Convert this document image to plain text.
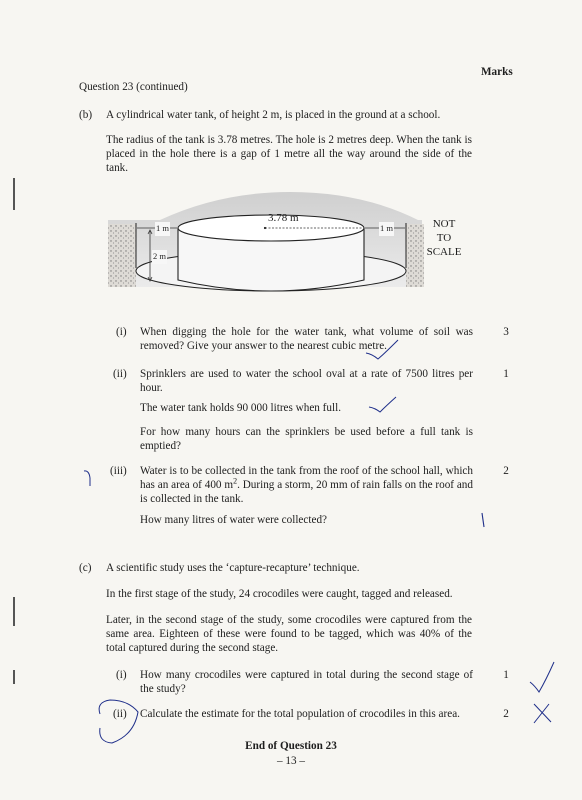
Marks
Question 23 (continued)
(b) A cylindrical water tank, of height 2 m, is placed in the ground at a school.

The radius of the tank is 3.78 metres. The hole is 2 metres deep. When the tank is placed in the hole there is a gap of 1 metre all the way around the side of the tank.

3.78 m
1 m	1 m
2 m
NOT
TO
SCALE
(i) When digging the hole for the water tank, what volume of soil was removed? Give your answer to the nearest cubic metre.

3
(ii) Sprinklers are used to water the school oval at a rate of 7500 litres per hour.

1

The water tank holds 90 000 litres when full.

For how many hours can the sprinklers be used before a full tank is emptied?

(iii) Water is to be collected in the tank from the roof of the school hall, which has an area of 400 $m^2$. During a storm, 20 mm of rain falls on the roof and is collected in the tank.

2

How many litres of water were collected?

(c) A scientific study uses the ‘capture-recapture’ technique.

In the first stage of the study, 24 crocodiles were caught, tagged and released.

Later, in the second stage of the study, some crocodiles were captured from the same area. Eighteen of these were found to be tagged, which was 40% of the total captured during the second stage.

(i) How many crocodiles were captured in total during the second stage of the study?

1
(ii) Calculate the estimate for the total population of crocodiles in this area.	2
End of Question 23
– 13 –
